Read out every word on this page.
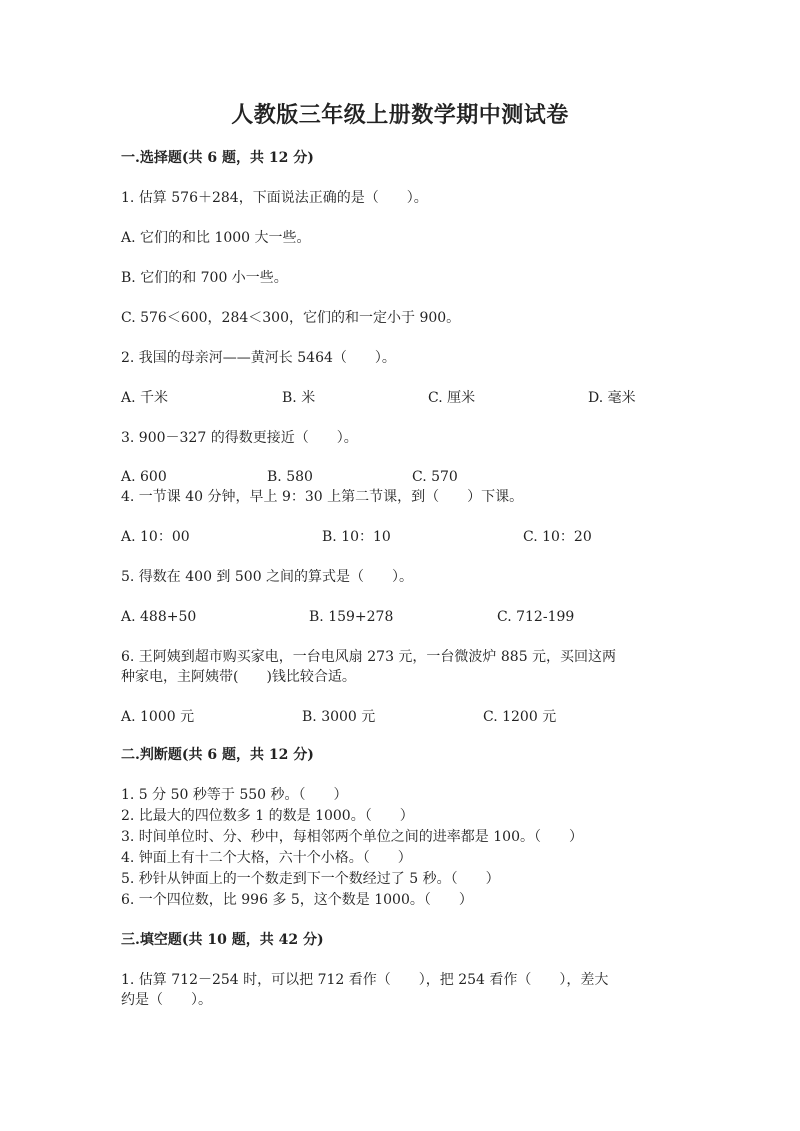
人教版三年级上册数学期中测试卷
一.选择题(共 6 题，共 12 分)
1. 估算 576＋284，下面说法正确的是（　　）。
A. 它们的和比 1000 大一些。
B. 它们的和 700 小一些。
C. 576＜600，284＜300，它们的和一定小于 900。
2. 我国的母亲河——黄河长 5464（　　）。
A. 千米	B. 米	C. 厘米	D. 毫米
3. 900－327 的得数更接近（　　）。
A. 600	B. 580	C. 570
4. 一节课 40 分钟，早上 9：30 上第二节课，到（　　）下课。
A. 10：00	B. 10：10	C. 10：20
5. 得数在 400 到 500 之间的算式是（　　）。
A. 488+50	B. 159+278	C. 712-199
6. 王阿姨到超市购买家电，一台电风扇 273 元，一台微波炉 885 元，买回这两
种家电，主阿姨带(　　)钱比较合适。
A. 1000 元	B. 3000 元	C. 1200 元
二.判断题(共 6 题，共 12 分)
1. 5 分 50 秒等于 550 秒。（　　）
2. 比最大的四位数多 1 的数是 1000。（　　）
3. 时间单位时、分、秒中，每相邻两个单位之间的进率都是 100。（　　）
4. 钟面上有十二个大格，六十个小格。（　　）
5. 秒针从钟面上的一个数走到下一个数经过了 5 秒。（　　）
6. 一个四位数，比 996 多 5，这个数是 1000。（　　）
三.填空题(共 10 题，共 42 分)
1. 估算 712－254 时，可以把 712 看作（　　），把 254 看作（　　），差大
约是（　　）。
